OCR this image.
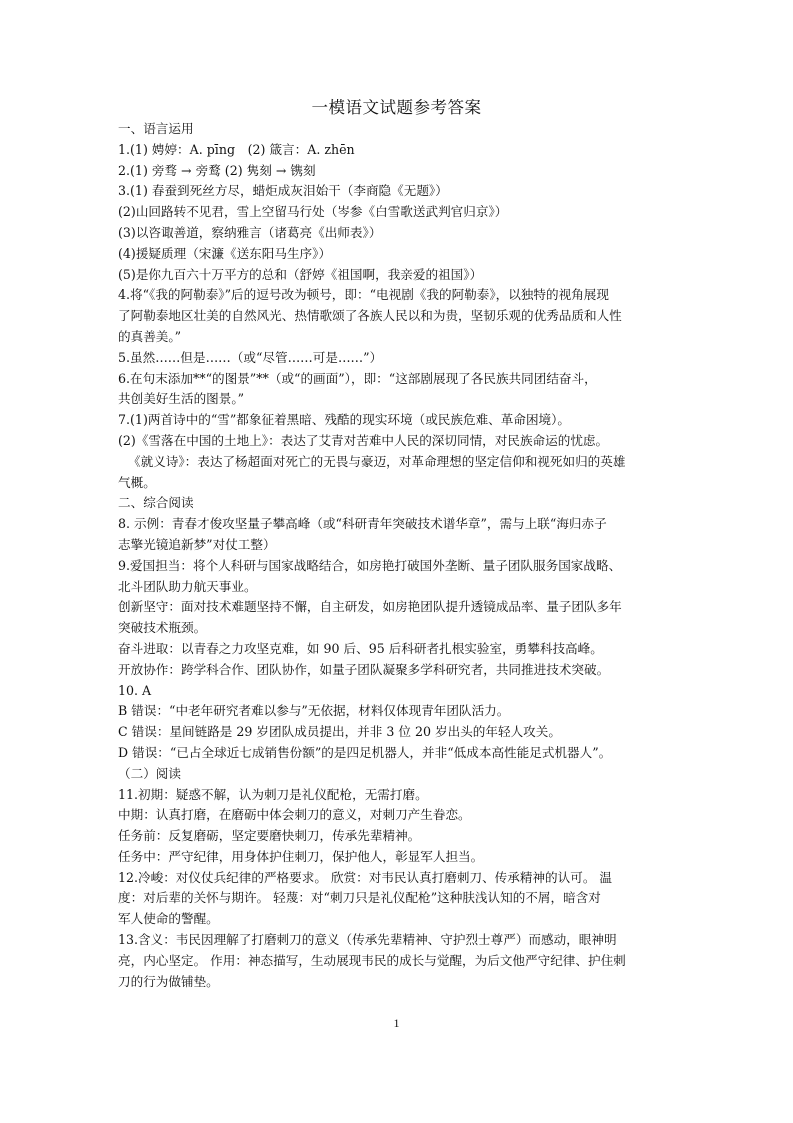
一模语文试题参考答案

一、语言运用

1.(1) 娉婷：A. pīng　(2) 箴言：A. zhēn

2.(1) 旁骛 → 旁鹜 (2) 隽刻 → 镌刻

3.(1) 春蚕到死丝方尽，蜡炬成灰泪始干（李商隐《无题》）

(2)山回路转不见君，雪上空留马行处（岑参《白雪歌送武判官归京》）

(3)以咨诹善道，察纳雅言（诸葛亮《出师表》）

(4)援疑质理（宋濂《送东阳马生序》）

(5)是你九百六十万平方的总和（舒婷《祖国啊，我亲爱的祖国》）

4.将“《我的阿勒泰》”后的逗号改为顿号，即：“电视剧《我的阿勒泰》，以独特的视角展现

了阿勒泰地区壮美的自然风光、热情歌颂了各族人民以和为贵，坚韧乐观的优秀品质和人性

的真善美。”

5.虽然……但是……（或“尽管……可是……”）

6.在句末添加**“的图景”**（或“的画面”），即：“这部剧展现了各民族共同团结奋斗，

共创美好生活的图景。”

7.(1)两首诗中的“雪”都象征着黑暗、残酷的现实环境（或民族危难、革命困境）。

(2)《雪落在中国的土地上》：表达了艾青对苦难中人民的深切同情，对民族命运的忧虑。

《就义诗》：表达了杨超面对死亡的无畏与豪迈，对革命理想的坚定信仰和视死如归的英雄

气概。

二、综合阅读

8. 示例：青春才俊攻坚量子攀高峰（或“科研青年突破技术谱华章”，需与上联“海归赤子

志擎光镜追新梦”对仗工整）

9.爱国担当：将个人科研与国家战略结合，如房艳打破国外垄断、量子团队服务国家战略、

北斗团队助力航天事业。

创新坚守：面对技术难题坚持不懈，自主研发，如房艳团队提升透镜成品率、量子团队多年

突破技术瓶颈。

奋斗进取：以青春之力攻坚克难，如 90 后、95 后科研者扎根实验室，勇攀科技高峰。

开放协作：跨学科合作、团队协作，如量子团队凝聚多学科研究者，共同推进技术突破。

10. A

B 错误：“中老年研究者难以参与”无依据，材料仅体现青年团队活力。

C 错误：星间链路是 29 岁团队成员提出，并非 3 位 20 岁出头的年轻人攻关。

D 错误：“已占全球近七成销售份额”的是四足机器人，并非“低成本高性能足式机器人”。

（二）阅读

11.初期：疑惑不解，认为刺刀是礼仪配枪，无需打磨。

中期：认真打磨，在磨砺中体会刺刀的意义，对刺刀产生眷恋。

任务前：反复磨砺，坚定要磨快刺刀，传承先辈精神。

任务中：严守纪律，用身体护住刺刀，保护他人，彰显军人担当。

12.冷峻：对仪仗兵纪律的严格要求。 欣赏：对韦民认真打磨刺刀、传承精神的认可。 温

度：对后辈的关怀与期许。 轻蔑：对“刺刀只是礼仪配枪”这种肤浅认知的不屑，暗含对

军人使命的警醒。

13.含义：韦民因理解了打磨刺刀的意义（传承先辈精神、守护烈士尊严）而感动，眼神明

亮，内心坚定。 作用：神态描写，生动展现韦民的成长与觉醒，为后文他严守纪律、护住刺

刀的行为做铺垫。

1
